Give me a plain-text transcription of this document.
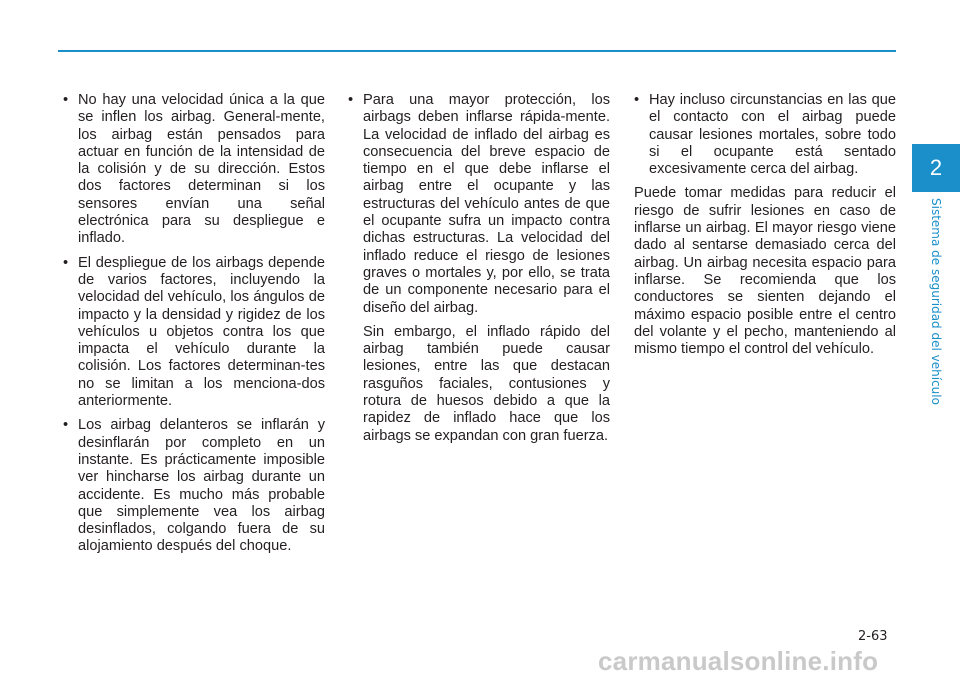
2
Sistema de seguridad del vehículo
• No hay una velocidad única a la que se inflen los airbag. General-mente, los airbag están pensados para actuar en función de la intensidad de la colisión y de su dirección. Estos dos factores determinan si los sensores envían una señal electrónica para su despliegue e inflado.
• El despliegue de los airbags depende de varios factores, incluyendo la velocidad del vehículo, los ángulos de impacto y la densidad y rigidez de los vehículos u objetos contra los que impacta el vehículo durante la colisión. Los factores determinan-tes no se limitan a los menciona-dos anteriormente.
• Los airbag delanteros se inflarán y desinflarán por completo en un instante. Es prácticamente imposible ver hincharse los airbag durante un accidente. Es mucho más probable que simplemente vea los airbag desinflados, colgando fuera de su alojamiento después del choque.
• Para una mayor protección, los airbags deben inflarse rápida-mente. La velocidad de inflado del airbag es consecuencia del breve espacio de tiempo en el que debe inflarse el airbag entre el ocupante y las estructuras del vehículo antes de que el ocupante sufra un impacto contra dichas estructuras. La velocidad del inflado reduce el riesgo de lesiones graves o mortales y, por ello, se trata de un componente necesario para el diseño del airbag.

Sin embargo, el inflado rápido del airbag también puede causar lesiones, entre las que destacan rasguños faciales, contusiones y rotura de huesos debido a que la rapidez de inflado hace que los airbags se expandan con gran fuerza.

• Hay incluso circunstancias en las que el contacto con el airbag puede causar lesiones mortales, sobre todo si el ocupante está sentado excesivamente cerca del airbag.

Puede tomar medidas para reducir el riesgo de sufrir lesiones en caso de inflarse un airbag. El mayor riesgo viene dado al sentarse demasiado cerca del airbag. Un airbag necesita espacio para inflarse. Se recomienda que los conductores se sienten dejando el máximo espacio posible entre el centro del volante y el pecho, manteniendo al mismo tiempo el control del vehículo.

2-63
carmanualsonline.info
